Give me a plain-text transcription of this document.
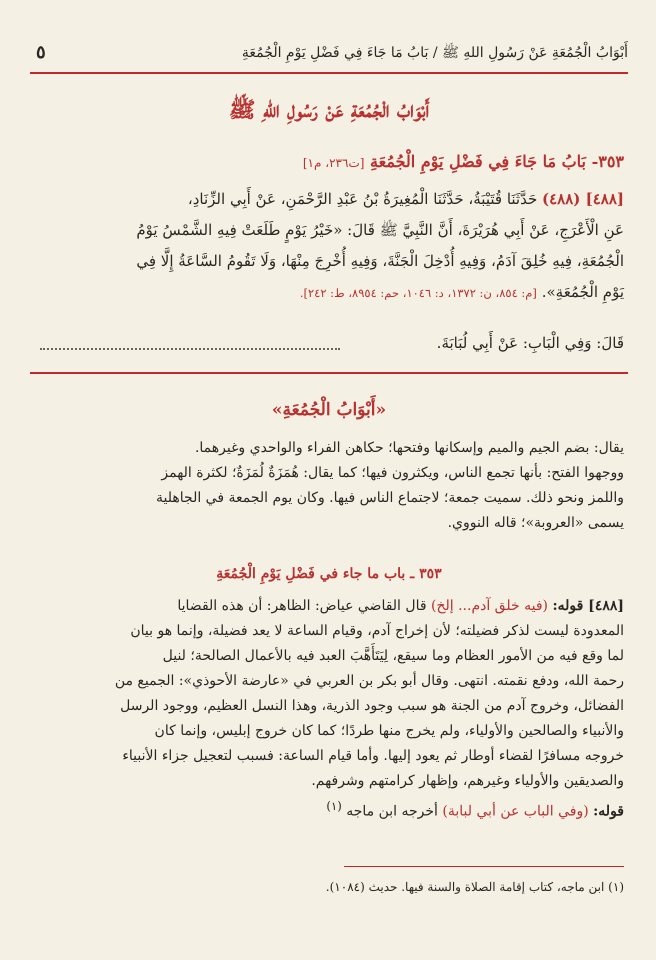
أَبْوَابُ الْجُمُعَةِ عَنْ رَسُولِ اللهِ ﷺ / بَابُ مَا جَاءَ فِي فَضْلِ يَوْمِ الْجُمُعَةِ
٥
أَبْوَابُ الْجُمُعَةِ عَنْ رَسُولِ اللهِ ﷺ
٣٥٣- بَابُ مَا جَاءَ فِي فَضْلِ يَوْمِ الْجُمُعَةِ [ت٢٣٦، م١]
[٤٨٨] (٤٨٨) حَدَّثَنَا قُتَيْبَةُ، حَدَّثَنَا الْمُغِيرَةُ بْنُ عَبْدِ الرَّحْمَنِ، عَنْ أَبِي الزِّنَادِ،
عَنِ الْأَعْرَجِ، عَنْ أَبِي هُرَيْرَةَ، أَنَّ النَّبِيَّ ﷺ قَالَ: «خَيْرُ يَوْمٍ طَلَعَتْ فِيهِ الشَّمْسُ يَوْمُ
الْجُمُعَةِ، فِيهِ خُلِقَ آدَمُ، وَفِيهِ أُدْخِلَ الْجَنَّةَ، وَفِيهِ أُخْرِجَ مِنْهَا، وَلَا تَقُومُ السَّاعَةُ إِلَّا فِي
يَوْمِ الْجُمُعَةِ». [م: ٨٥٤، ن: ١٣٧٢، د: ١٠٤٦، حم: ٨٩٥٤، ط: ٢٤٢].
قَالَ: وَفِي الْبَابِ: عَنْ أَبِي لُبَابَةَ.
«أَبْوَابُ الْجُمُعَةِ»
يقال: بضم الجيم والميم وإسكانها وفتحها؛ حكاهن الفراء والواحدي وغيرهما.
ووجهوا الفتح: بأنها تجمع الناس، ويكثرون فيها؛ كما يقال: هُمَزَةٌ لُمَزَةٌ؛ لكثرة الهمز
واللمز ونحو ذلك. سميت جمعة؛ لاجتماع الناس فيها. وكان يوم الجمعة في الجاهلية
يسمى «العروبة»؛ قاله النووي.
٣٥٣ ـ باب ما جاء في فَضْلِ يَوْمِ الْجُمُعَةِ
[٤٨٨] قوله: (فيه خلق آدم... إلخ) قال القاضي عياض: الظاهر: أن هذه القضايا
المعدودة ليست لذكر فضيلته؛ لأن إخراج آدم، وقيام الساعة لا يعد فضيلة، وإنما هو بيان
لما وقع فيه من الأمور العظام وما سيقع، لِيَتَأَهَّبَ العبد فيه بالأعمال الصالحة؛ لنيل
رحمة الله، ودفع نقمته. انتهى. وقال أبو بكر بن العربي في «عارضة الأحوذي»: الجميع من
الفضائل، وخروج آدم من الجنة هو سبب وجود الذرية، وهذا النسل العظيم، ووجود الرسل
والأنبياء والصالحين والأولياء، ولم يخرج منها طردًا؛ كما كان خروج إبليس، وإنما كان
خروجه مسافرًا لقضاء أوطار ثم يعود إليها. وأما قيام الساعة: فسبب لتعجيل جزاء الأنبياء
والصديقين والأولياء وغيرهم، وإظهار كرامتهم وشرفهم.
قوله: (وفي الباب عن أبي لبابة) أخرجه ابن ماجه $^{(١)}$
(١) ابن ماجه، كتاب إقامة الصلاة والسنة فيها. حديث (١٠٨٤).
